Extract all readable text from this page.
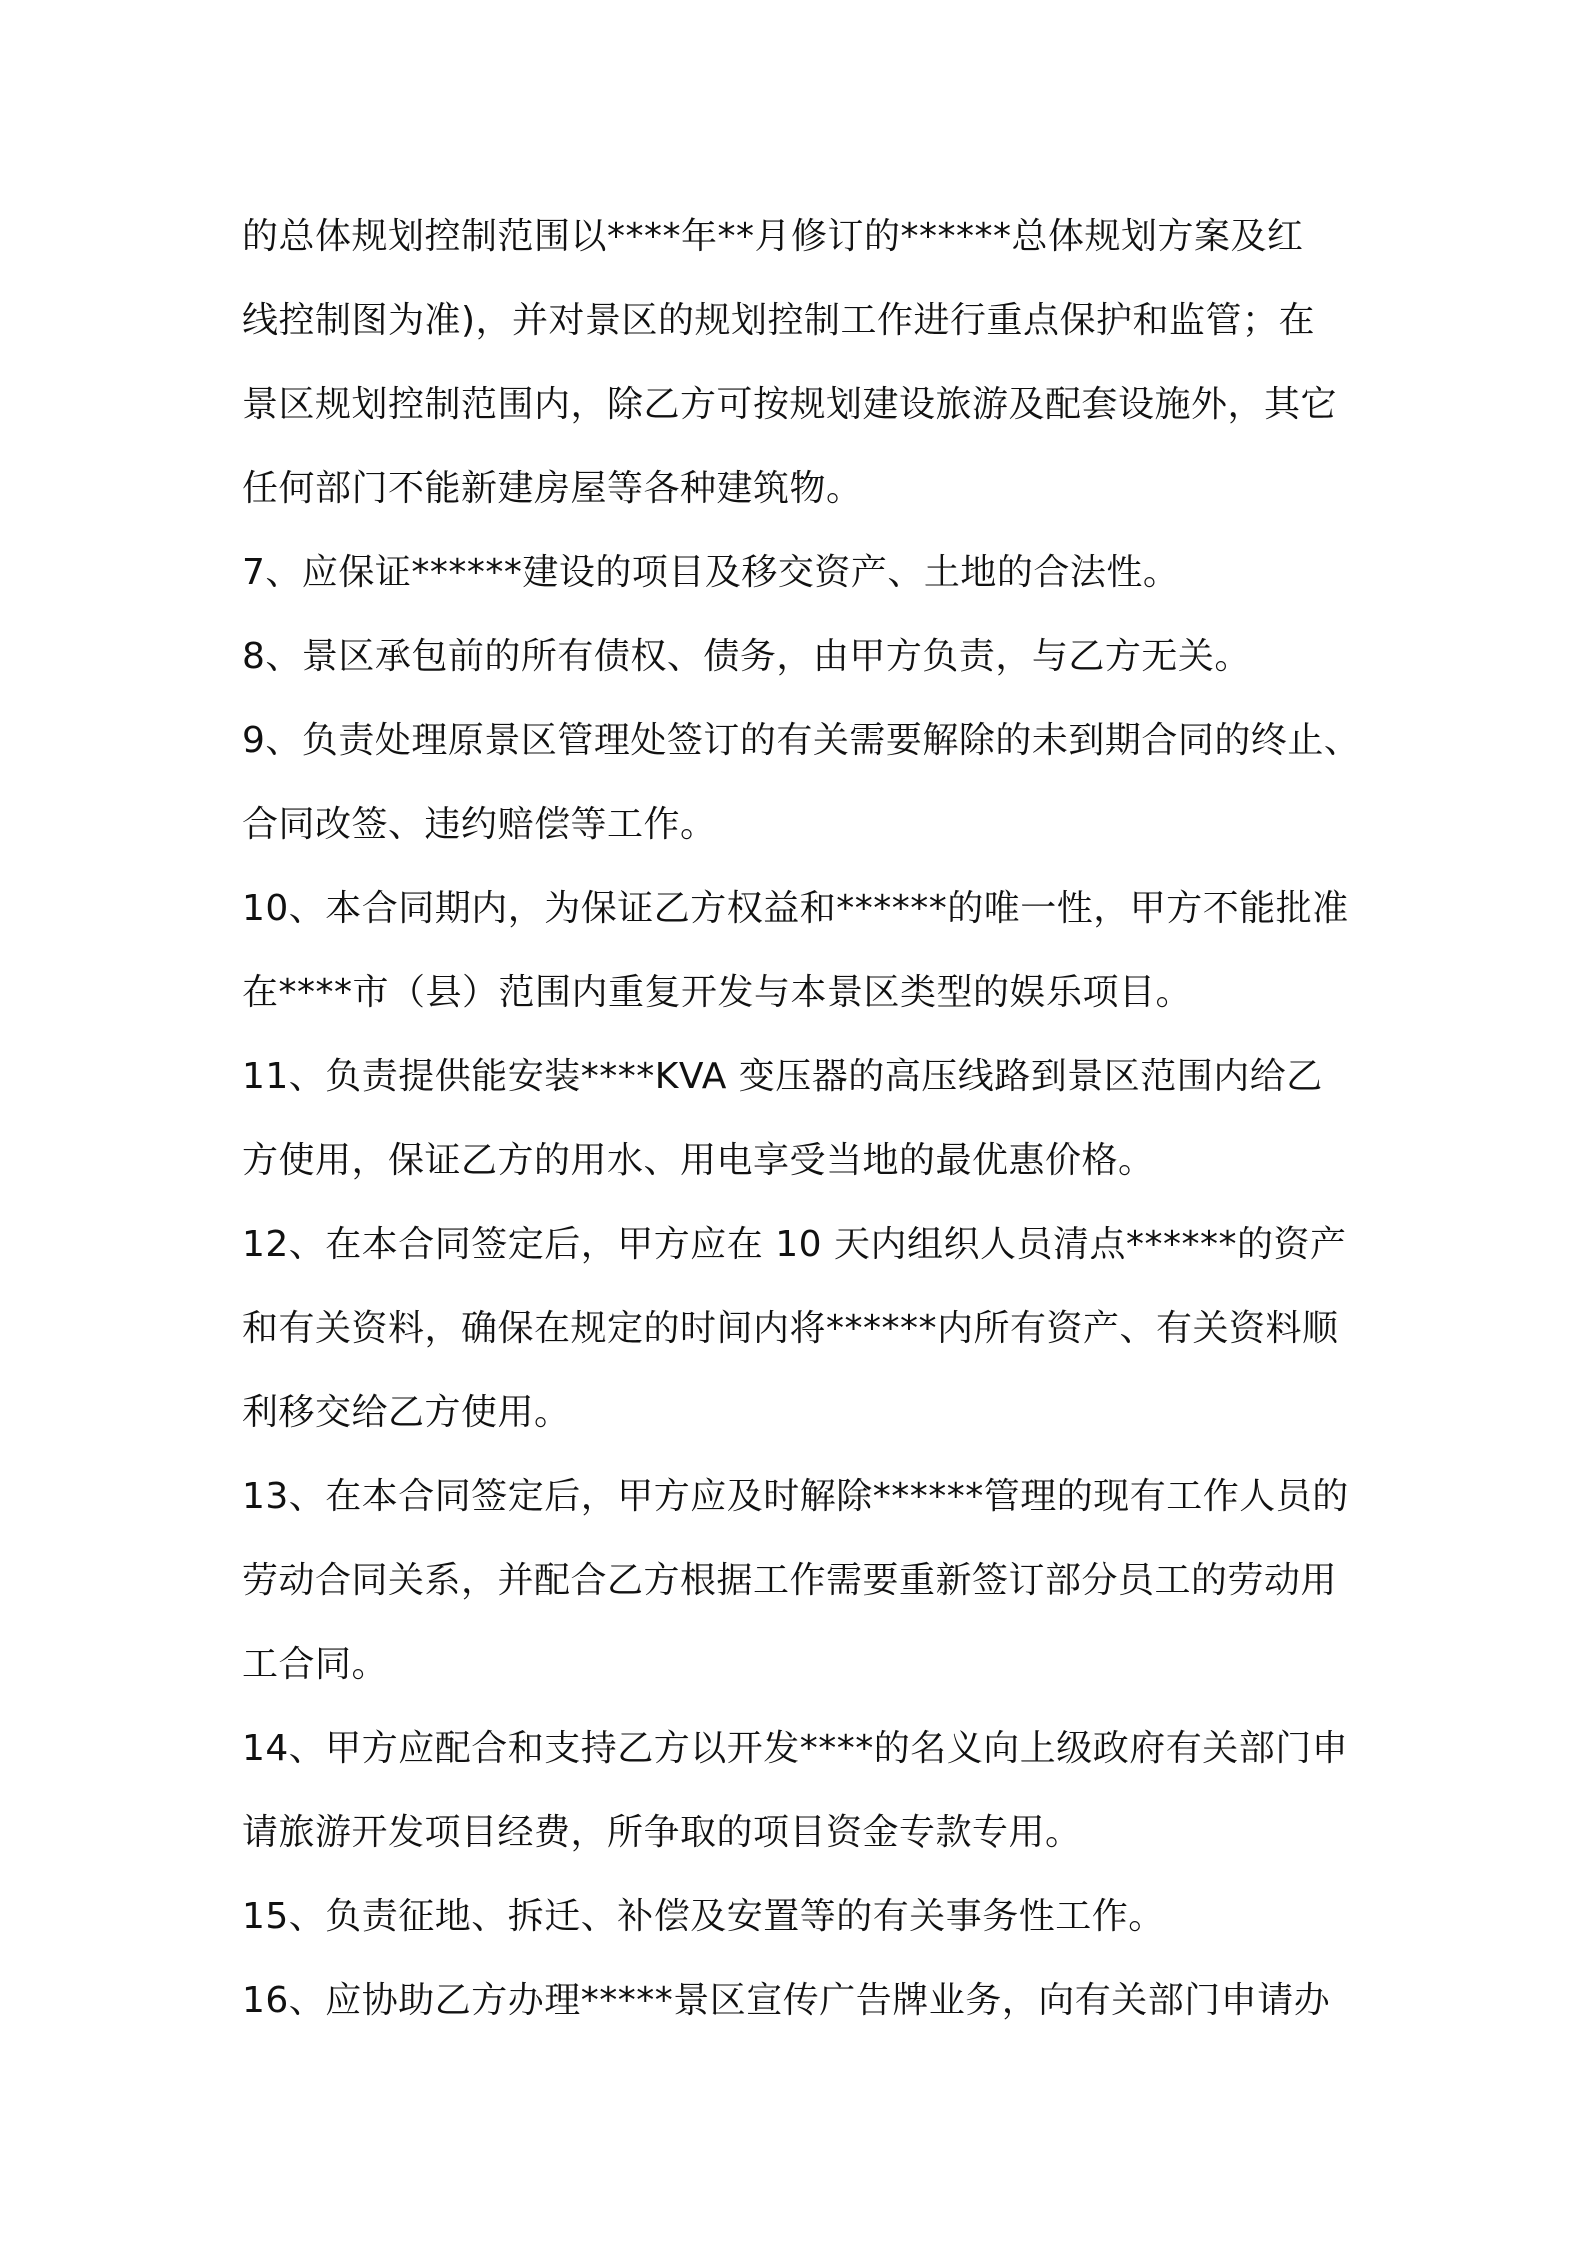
的总体规划控制范围以****年**月修订的******总体规划方案及红
线控制图为准)，并对景区的规划控制工作进行重点保护和监管；在
景区规划控制范围内，除乙方可按规划建设旅游及配套设施外，其它
任何部门不能新建房屋等各种建筑物。
7、应保证******建设的项目及移交资产、土地的合法性。
8、景区承包前的所有债权、债务，由甲方负责，与乙方无关。
9、负责处理原景区管理处签订的有关需要解除的未到期合同的终止、
合同改签、违约赔偿等工作。
10、本合同期内，为保证乙方权益和******的唯一性，甲方不能批准
在****市（县）范围内重复开发与本景区类型的娱乐项目。
11、负责提供能安装****KVA 变压器的高压线路到景区范围内给乙
方使用，保证乙方的用水、用电享受当地的最优惠价格。
12、在本合同签定后，甲方应在 10 天内组织人员清点******的资产
和有关资料，确保在规定的时间内将******内所有资产、有关资料顺
利移交给乙方使用。
13、在本合同签定后，甲方应及时解除******管理的现有工作人员的
劳动合同关系，并配合乙方根据工作需要重新签订部分员工的劳动用
工合同。
14、甲方应配合和支持乙方以开发****的名义向上级政府有关部门申
请旅游开发项目经费，所争取的项目资金专款专用。
15、负责征地、拆迁、补偿及安置等的有关事务性工作。
16、应协助乙方办理*****景区宣传广告牌业务，向有关部门申请办
